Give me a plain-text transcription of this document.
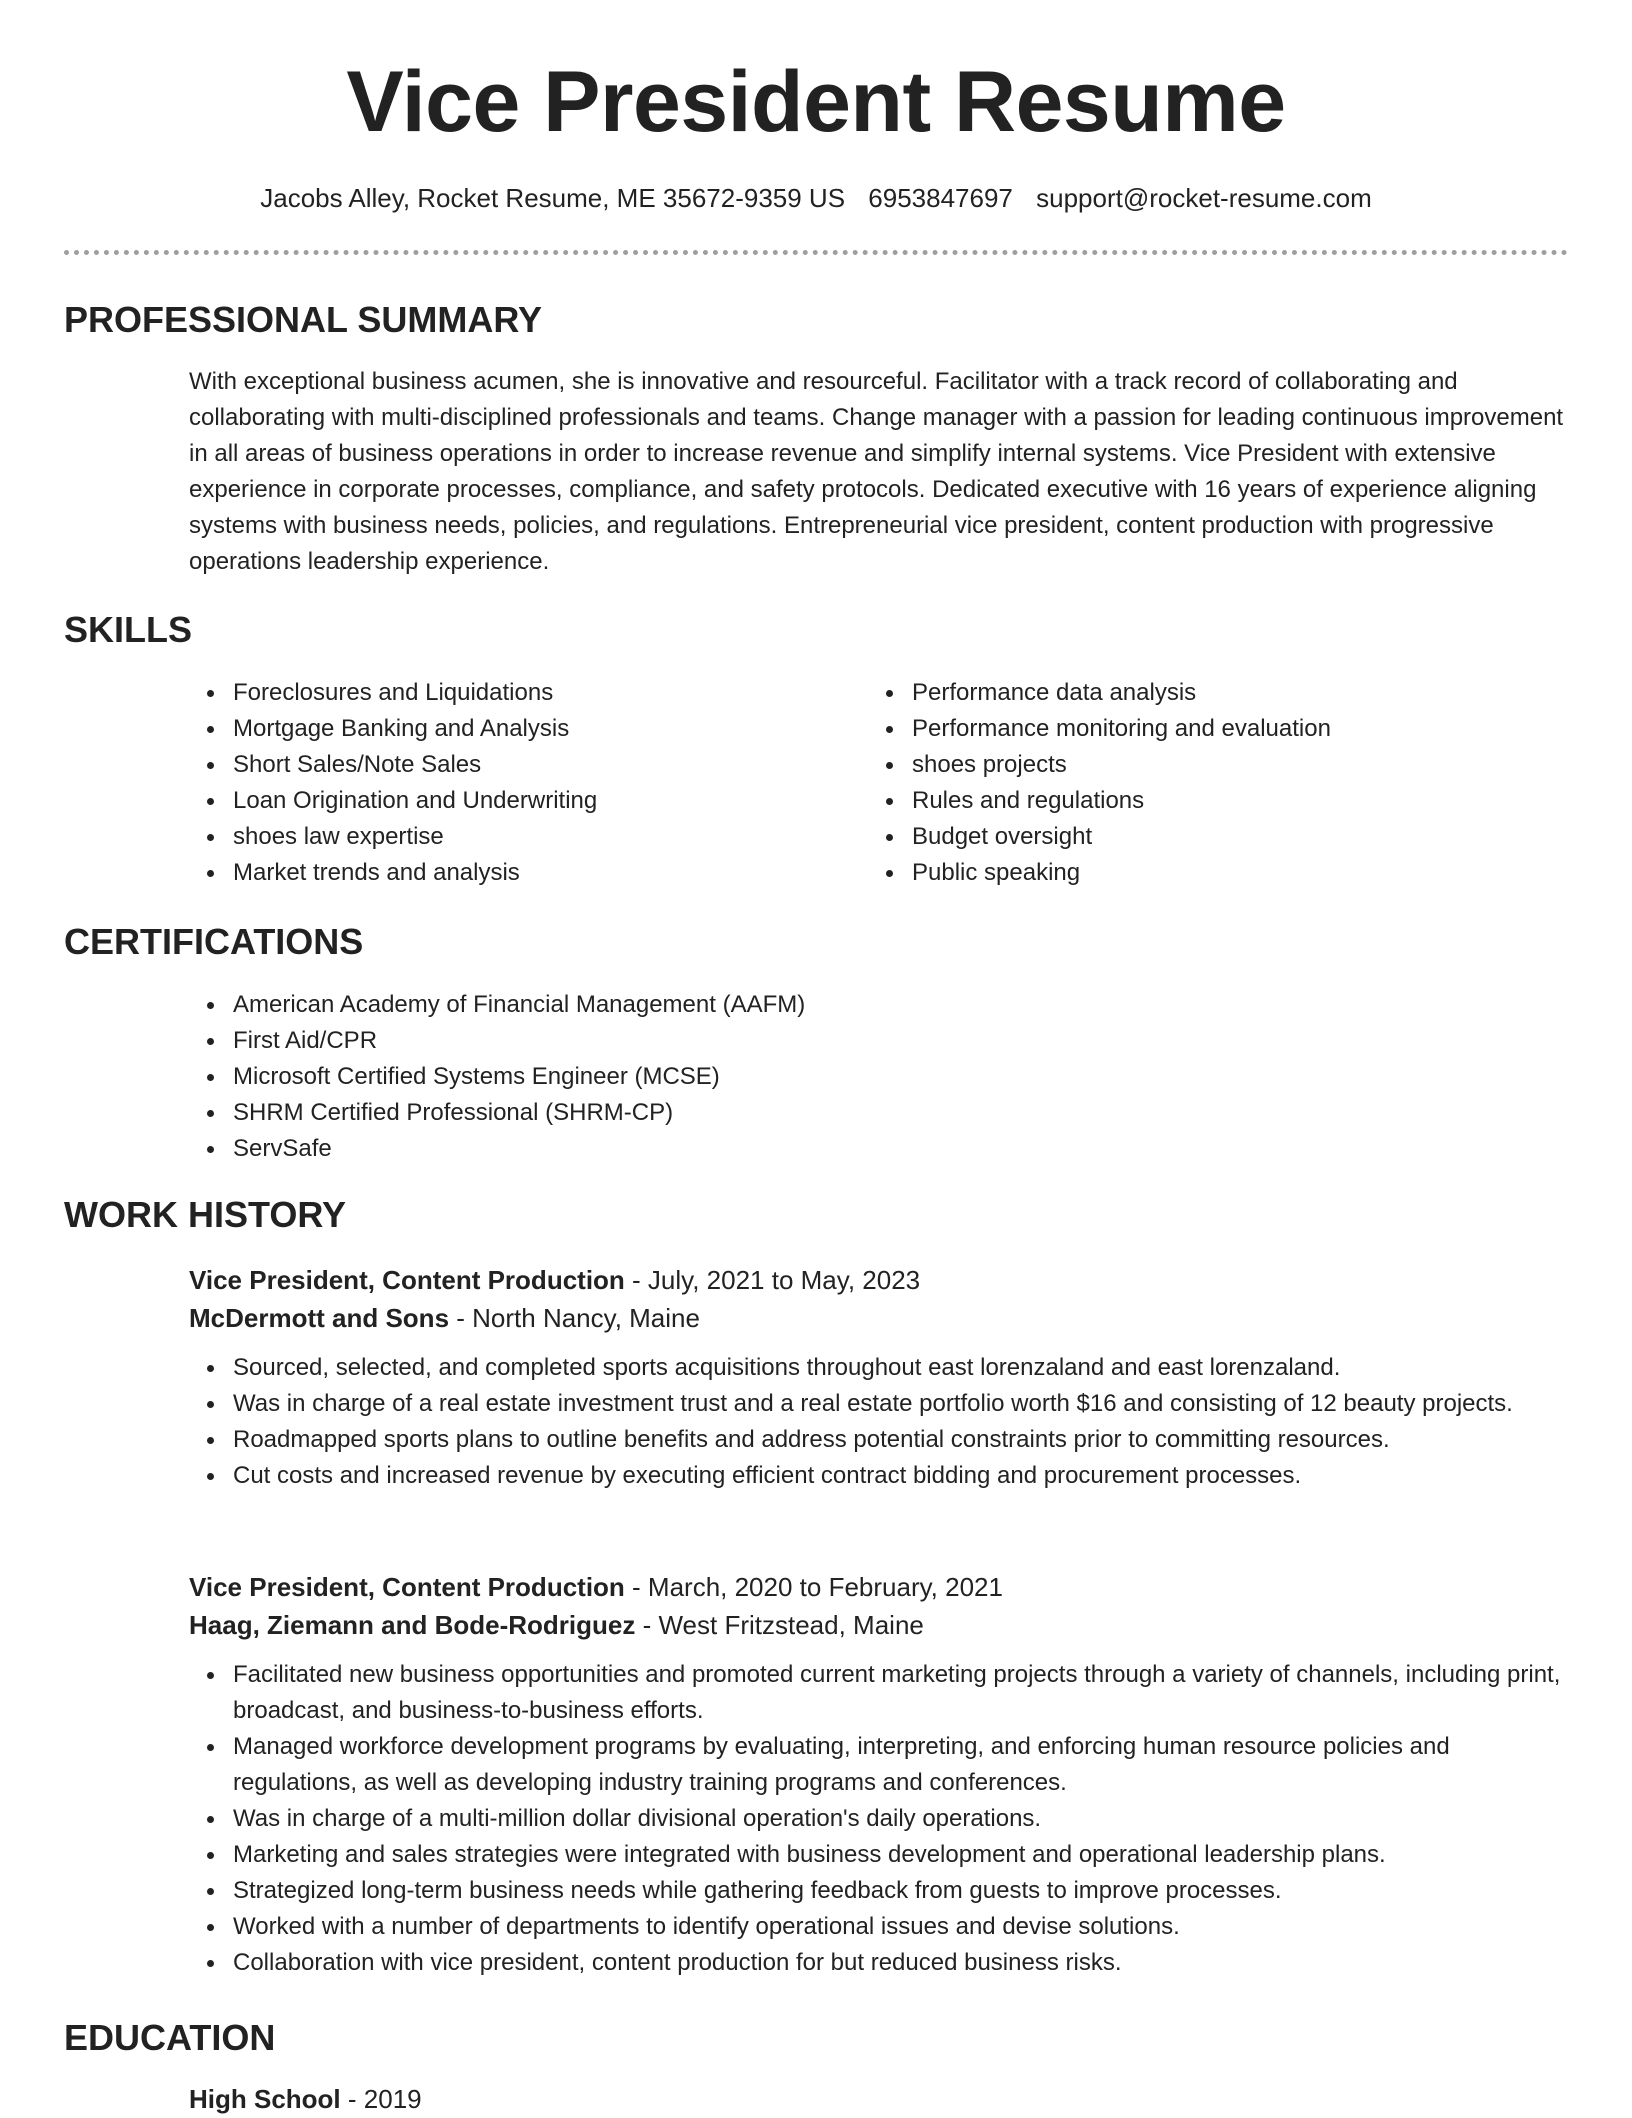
Vice President Resume
Jacobs Alley, Rocket Resume, ME 35672-9359 US 6953847697 support@rocket-resume.com
PROFESSIONAL SUMMARY

With exceptional business acumen, she is innovative and resourceful. Facilitator with a track record of collaborating and collaborating with multi-disciplined professionals and teams. Change manager with a passion for leading continuous improvement in all areas of business operations in order to increase revenue and simplify internal systems. Vice President with extensive experience in corporate processes, compliance, and safety protocols. Dedicated executive with 16 years of experience aligning systems with business needs, policies, and regulations. Entrepreneurial vice president, content production with progressive operations leadership experience.

SKILLS
Foreclosures and Liquidations
Mortgage Banking and Analysis
Short Sales/Note Sales
Loan Origination and Underwriting
shoes law expertise
Market trends and analysis
Performance data analysis
Performance monitoring and evaluation
shoes projects
Rules and regulations
Budget oversight
Public speaking
CERTIFICATIONS
American Academy of Financial Management (AAFM)
First Aid/CPR
Microsoft Certified Systems Engineer (MCSE)
SHRM Certified Professional (SHRM-CP)
ServSafe
WORK HISTORY

Vice President, Content Production - July, 2021 to May, 2023

McDermott and Sons - North Nancy, Maine

Sourced, selected, and completed sports acquisitions throughout east lorenzaland and east lorenzaland.
Was in charge of a real estate investment trust and a real estate portfolio worth $16 and consisting of 12 beauty projects.
Roadmapped sports plans to outline benefits and address potential constraints prior to committing resources.
Cut costs and increased revenue by executing efficient contract bidding and procurement processes.

Vice President, Content Production - March, 2020 to February, 2021

Haag, Ziemann and Bode-Rodriguez - West Fritzstead, Maine

Facilitated new business opportunities and promoted current marketing projects through a variety of channels, including print, broadcast, and business-to-business efforts.
Managed workforce development programs by evaluating, interpreting, and enforcing human resource policies and regulations, as well as developing industry training programs and conferences.
Was in charge of a multi-million dollar divisional operation's daily operations.
Marketing and sales strategies were integrated with business development and operational leadership plans.
Strategized long-term business needs while gathering feedback from guests to improve processes.
Worked with a number of departments to identify operational issues and devise solutions.
Collaboration with vice president, content production for but reduced business risks.
EDUCATION
High School - 2019
